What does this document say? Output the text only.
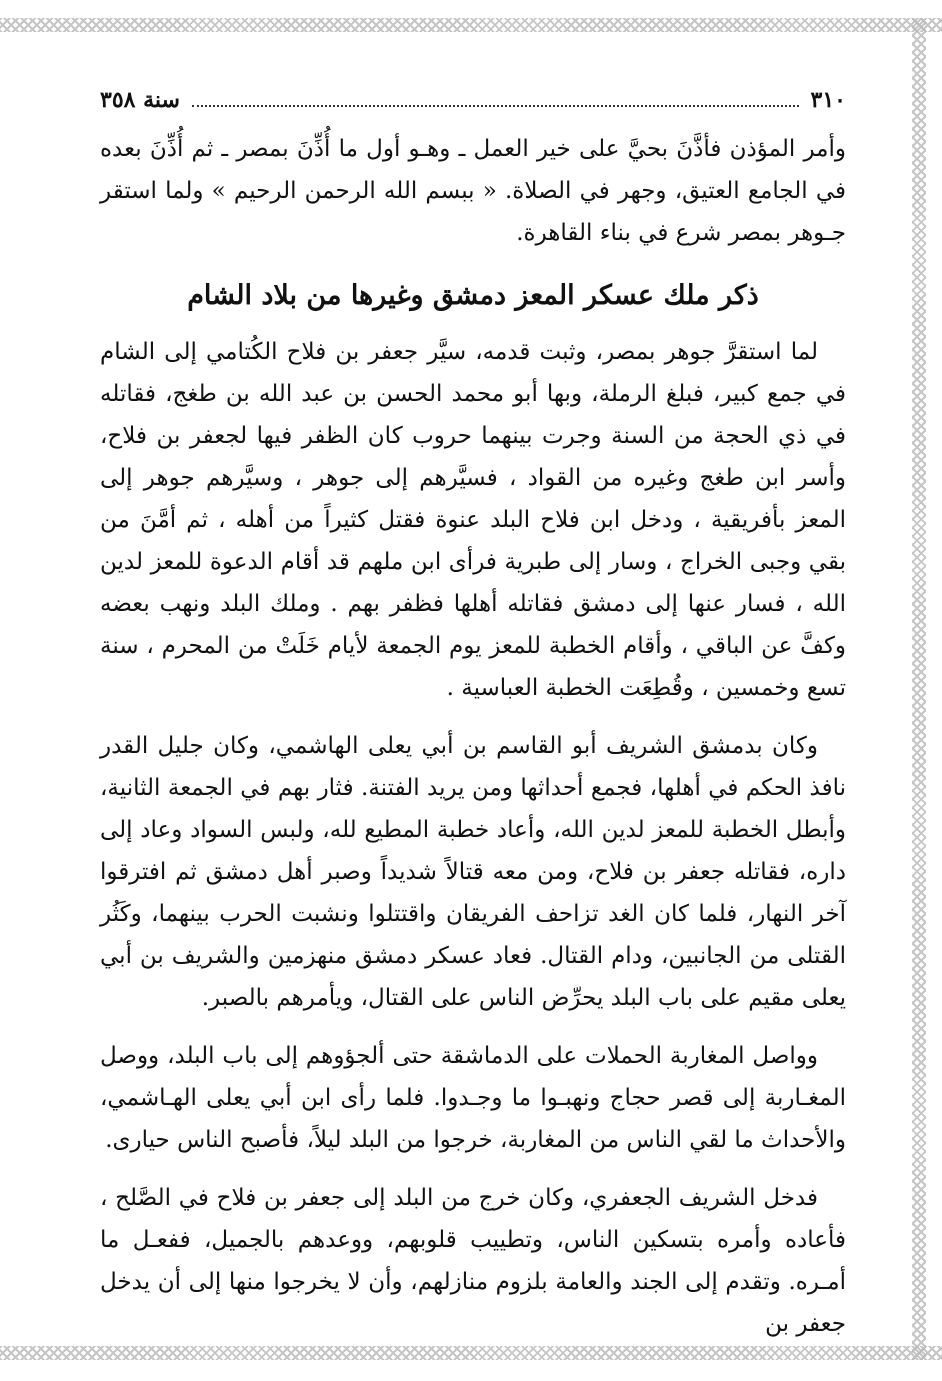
٣١٠
سنة ٣٥٨

وأمر المؤذن فأذَّنَ بحيَّ على خير العمل ـ وهـو أول ما أُذِّنَ بمصر ـ ثم أُذِّنَ بعده في الجامع العتيق، وجهر في الصلاة. « ببسم الله الرحمن الرحيم » ولما استقر جـوهر بمصر شرع في بناء القاهرة.

ذكر ملك عسكر المعز دمشق وغيرها من بلاد الشام

لما استقرَّ جوهر بمصر، وثبت قدمه، سيَّر جعفر بن فلاح الكُتامي إلى الشام في جمع كبير، فبلغ الرملة، وبها أبو محمد الحسن بن عبد الله بن طغج، فقاتله في ذي الحجة من السنة وجرت بينهما حروب كان الظفر فيها لجعفر بن فلاح، وأسر ابن طغج وغيره من القواد ، فسيَّرهم إلى جوهر ، وسيَّرهم جوهر إلى المعز بأفريقية ، ودخل ابن فلاح البلد عنوة فقتل كثيراً من أهله ، ثم أمَّنَ من بقي وجبى الخراج ، وسار إلى طبرية فرأى ابن ملهم قد أقام الدعوة للمعز لدين الله ، فسار عنها إلى دمشق فقاتله أهلها فظفر بهم . وملك البلد ونهب بعضه وكفَّ عن الباقي ، وأقام الخطبة للمعز يوم الجمعة لأيام خَلَتْ من المحرم ، سنة تسع وخمسين ، وقُطِعَت الخطبة العباسية .

وكان بدمشق الشريف أبو القاسم بن أبي يعلى الهاشمي، وكان جليل القدر نافذ الحكم في أهلها، فجمع أحداثها ومن يريد الفتنة. فثار بهم في الجمعة الثانية، وأبطل الخطبة للمعز لدين الله، وأعاد خطبة المطيع لله، ولبس السواد وعاد إلى داره، فقاتله جعفر بن فلاح، ومن معه قتالاً شديداً وصبر أهل دمشق ثم افترقوا آخر النهار، فلما كان الغد تزاحف الفريقان واقتتلوا ونشبت الحرب بينهما، وكَثُر القتلى من الجانبين، ودام القتال. فعاد عسكر دمشق منهزمين والشريف بن أبي يعلى مقيم على باب البلد يحرِّض الناس على القتال، ويأمرهم بالصبر.

وواصل المغاربة الحملات على الدماشقة حتى ألجؤوهم إلى باب البلد، ووصل المغـاربة إلى قصر حجاج ونهبـوا ما وجـدوا. فلما رأى ابن أبي يعلى الهـاشمي، والأحداث ما لقي الناس من المغاربة، خرجوا من البلد ليلاً، فأصبح الناس حيارى.

فدخل الشريف الجعفري، وكان خرج من البلد إلى جعفر بن فلاح في الصَّلح ، فأعاده وأمره بتسكين الناس، وتطييب قلوبهم، ووعدهم بالجميل، ففعـل ما أمـره. وتقدم إلى الجند والعامة بلزوم منازلهم، وأن لا يخرجوا منها إلى أن يدخل جعفر بن
